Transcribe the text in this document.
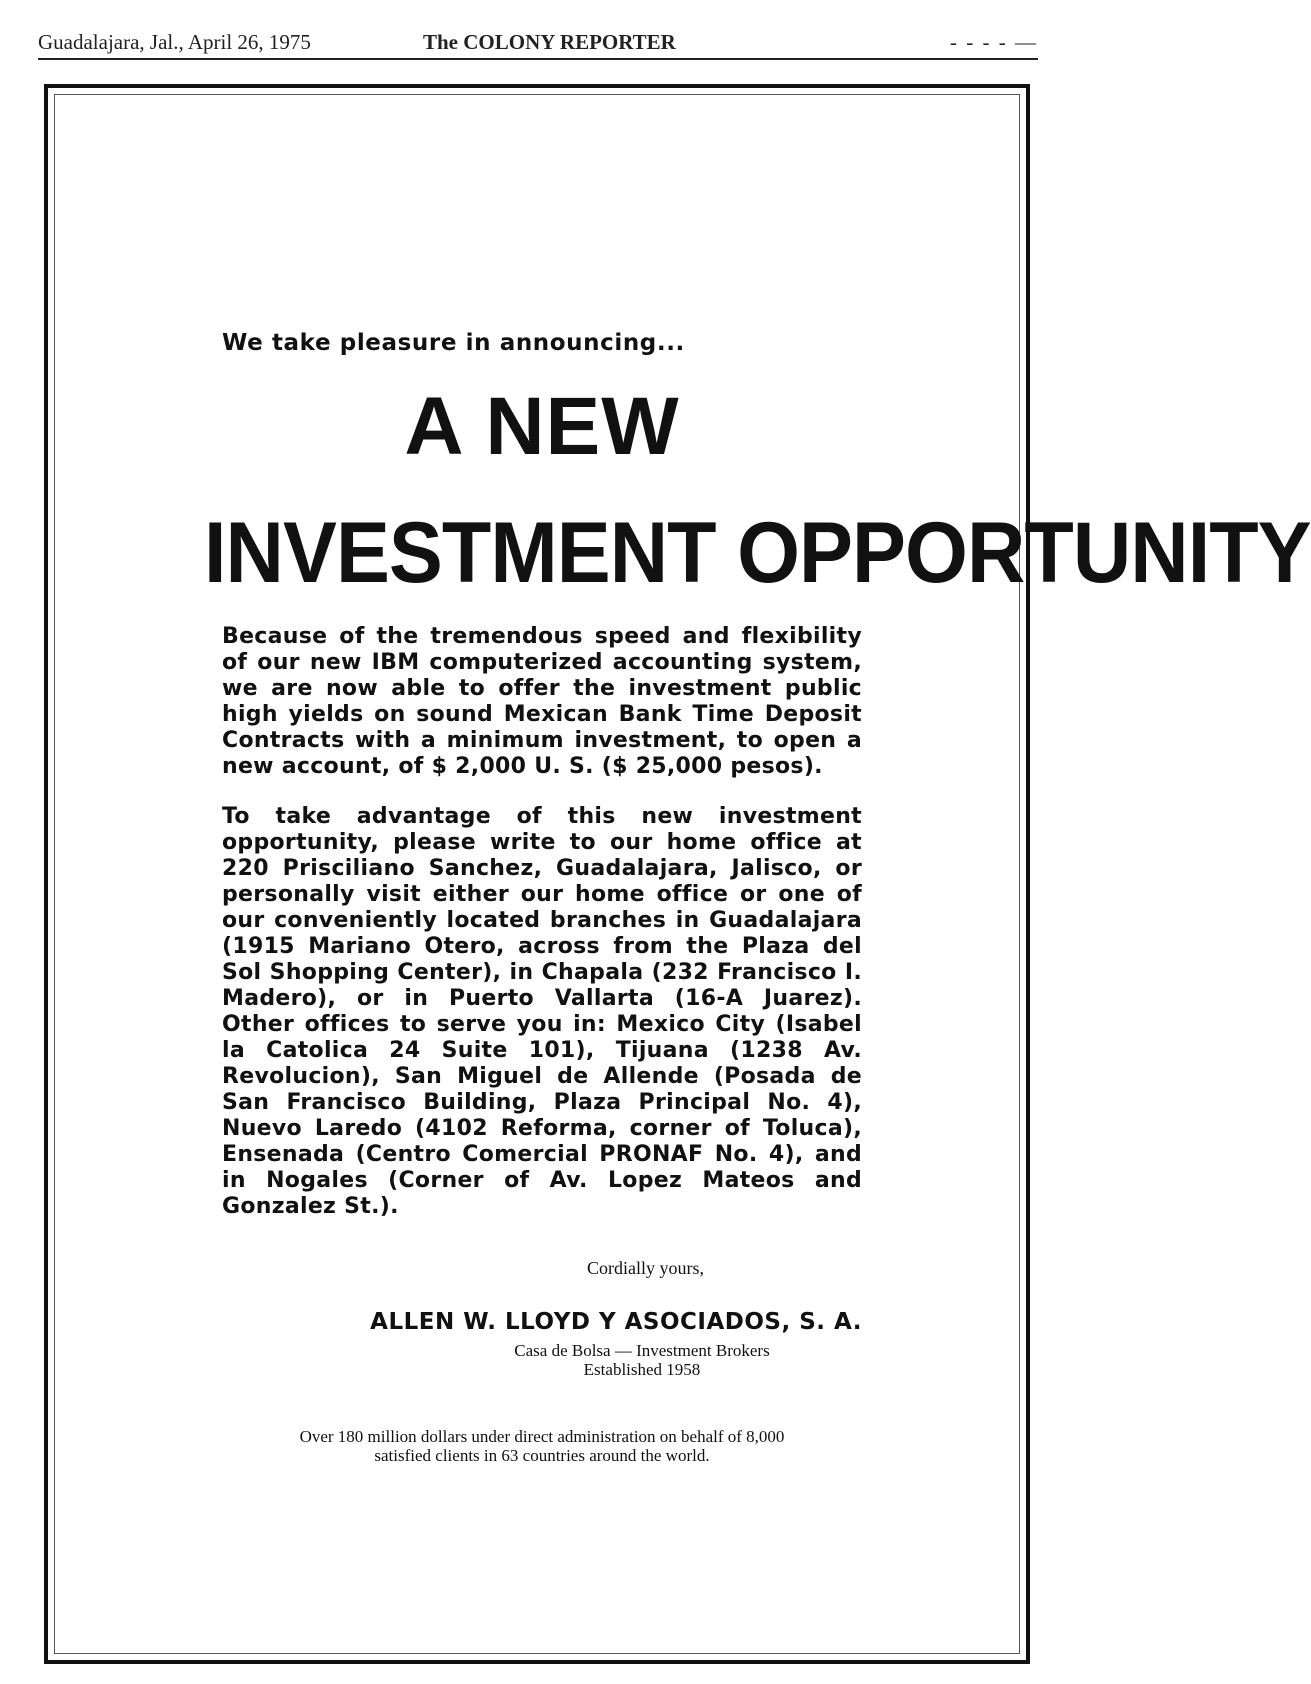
Guadalajara, Jal., April 26, 1975	The COLONY REPORTER	- - - - —

We take pleasure in announcing...

A NEW
INVESTMENT OPPORTUNITY

Because of the tremendous speed and flexibility of our new IBM computerized accounting system, we are now able to offer the investment public high yields on sound Mexican Bank Time Deposit Contracts with a minimum investment, to open a new account, of $ 2,000 U. S. ($ 25,000 pesos).

To take advantage of this new investment opportunity, please write to our home office at 220 Prisciliano Sanchez, Guadalajara, Jalisco, or personally visit either our home office or one of our conveniently located branches in Guadalajara (1915 Mariano Otero, across from the Plaza del Sol Shopping Center), in Chapala (232 Francisco I. Madero), or in Puerto Vallarta (16-A Juarez). Other offices to serve you in: Mexico City (Isabel la Catolica 24 Suite 101), Tijuana (1238 Av. Revolucion), San Miguel de Allende (Posada de San Francisco Building, Plaza Principal No. 4), Nuevo Laredo (4102 Reforma, corner of Toluca), Ensenada (Centro Comercial PRONAF No. 4), and in Nogales (Corner of Av. Lopez Mateos and Gonzalez St.).

Cordially yours,
ALLEN W. LLOYD Y ASOCIADOS, S. A.
Casa de Bolsa — Investment Brokers
Established 1958
Over 180 million dollars under direct administration on behalf of 8,000
satisfied clients in 63 countries around the world.
